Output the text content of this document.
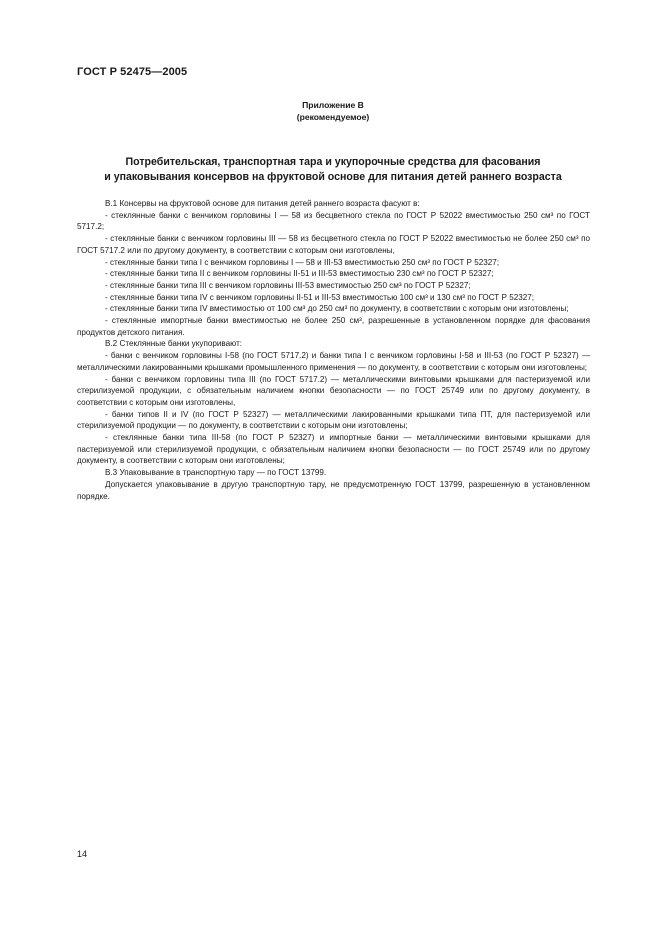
ГОСТ Р 52475—2005
Приложение В
(рекомендуемое)
Потребительская, транспортная тара и укупорочные средства для фасования
и упаковывания консервов на фруктовой основе для питания детей раннего возраста

В.1 Консервы на фруктовой основе для питания детей раннего возраста фасуют в:

- стеклянные банки с венчиком горловины I — 58 из бесцветного стекла по ГОСТ Р 52022 вместимостью 250 см³ по ГОСТ 5717.2;

- стеклянные банки с венчиком горловины III — 58 из бесцветного стекла по ГОСТ Р 52022 вместимостью не более 250 см³ по ГОСТ 5717.2 или по другому документу, в соответствии с которым они изготовлены,

- стеклянные банки типа I с венчиком горловины I — 58 и III-53 вместимостью 250 см³ по ГОСТ Р 52327;

- стеклянные банки типа II с венчиком горловины II-51 и III-53 вместимостью 230 см³ по ГОСТ Р 52327;

- стеклянные банки типа III с венчиком горловины III-53 вместимостью 250 см³ по ГОСТ Р 52327;

- стеклянные банки типа IV с венчиком горловины II-51 и III-53 вместимостью 100 см³ и 130 см³ по ГОСТ Р 52327;

- стеклянные банки типа IV вместимостью от 100 см³ до 250 см³ по документу, в соответствии с которым они изготовлены;

- стеклянные импортные банки вместимостью не более 250 см³, разрешенные в установленном порядке для фасования продуктов детского питания.

В.2 Стеклянные банки укупоривают:

- банки с венчиком горловины I-58 (по ГОСТ 5717.2) и банки типа I с венчиком горловины I-58 и III-53 (по ГОСТ Р 52327) — металлическими лакированными крышками промышленного применения — по документу, в соответствии с которым они изготовлены;

- банки с венчиком горловины типа III (по ГОСТ 5717.2) — металлическими винтовыми крышками для пастеризуемой или стерилизуемой продукции, с обязательным наличием кнопки безопасности — по ГОСТ 25749 или по другому документу, в соответствии с которым они изготовлены,

- банки типов II и IV (по ГОСТ Р 52327) — металлическими лакированными крышками типа ПТ, для пастеризуемой или стерилизуемой продукции — по документу, в соответствии с которым они изготовлены;

- стеклянные банки типа III-58 (по ГОСТ Р 52327) и импортные банки — металлическими винтовыми крышками для пастеризуемой или стерилизуемой продукции, с обязательным наличием кнопки безопасности — по ГОСТ 25749 или по другому документу, в соответствии с которым они изготовлены;

В.3 Упаковывание в транспортную тару — по ГОСТ 13799.

Допускается упаковывание в другую транспортную тару, не предусмотренную ГОСТ 13799, разрешенную в установленном порядке.

14
